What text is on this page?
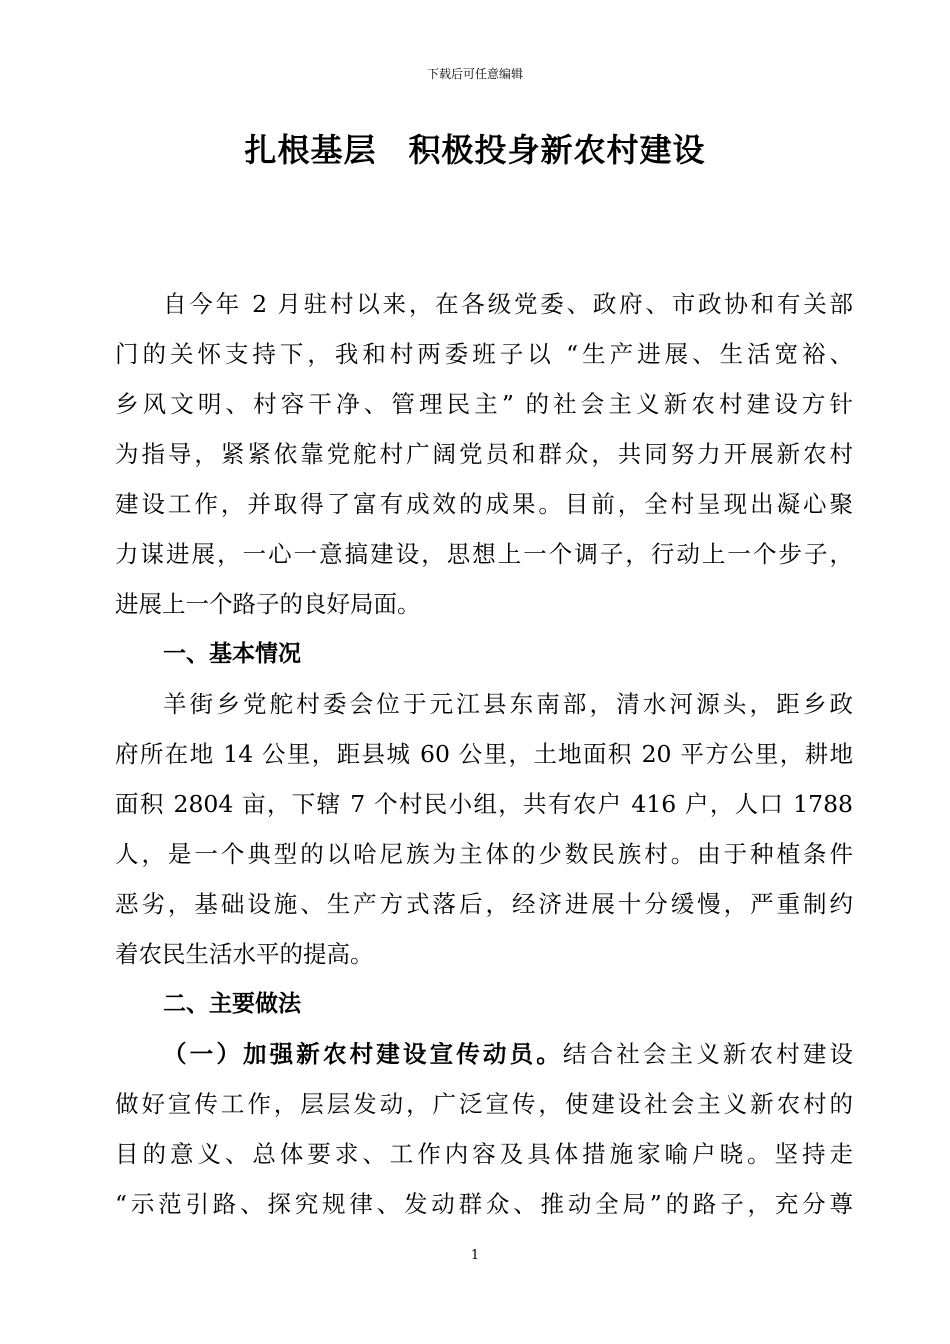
下载后可任意编辑
扎根基层 积极投身新农村建设
自今年 2 月驻村以来，在各级党委、政府、市政协和有关部
门的关怀支持下，我和村两委班子以 “生产进展、生活宽裕、
乡风文明、村容干净、管理民主” 的社会主义新农村建设方针
为指导，紧紧依靠党舵村广阔党员和群众，共同努力开展新农村
建设工作，并取得了富有成效的成果。目前，全村呈现出凝心聚
力谋进展，一心一意搞建设，思想上一个调子，行动上一个步子，
进展上一个路子的良好局面。
一、基本情况
羊街乡党舵村委会位于元江县东南部，清水河源头，距乡政
府所在地 14 公里，距县城 60 公里，土地面积 20 平方公里，耕地
面积 2804 亩，下辖 7 个村民小组，共有农户 416 户，人口 1788
人，是一个典型的以哈尼族为主体的少数民族村。由于种植条件
恶劣，基础设施、生产方式落后，经济进展十分缓慢，严重制约
着农民生活水平的提高。
二、主要做法
（一）加强新农村建设宣传动员。结合社会主义新农村建设
做好宣传工作，层层发动，广泛宣传，使建设社会主义新农村的
目的意义、总体要求、工作内容及具体措施家喻户晓。坚持走
“示范引路、探究规律、发动群众、推动全局”的路子，充分尊
1
